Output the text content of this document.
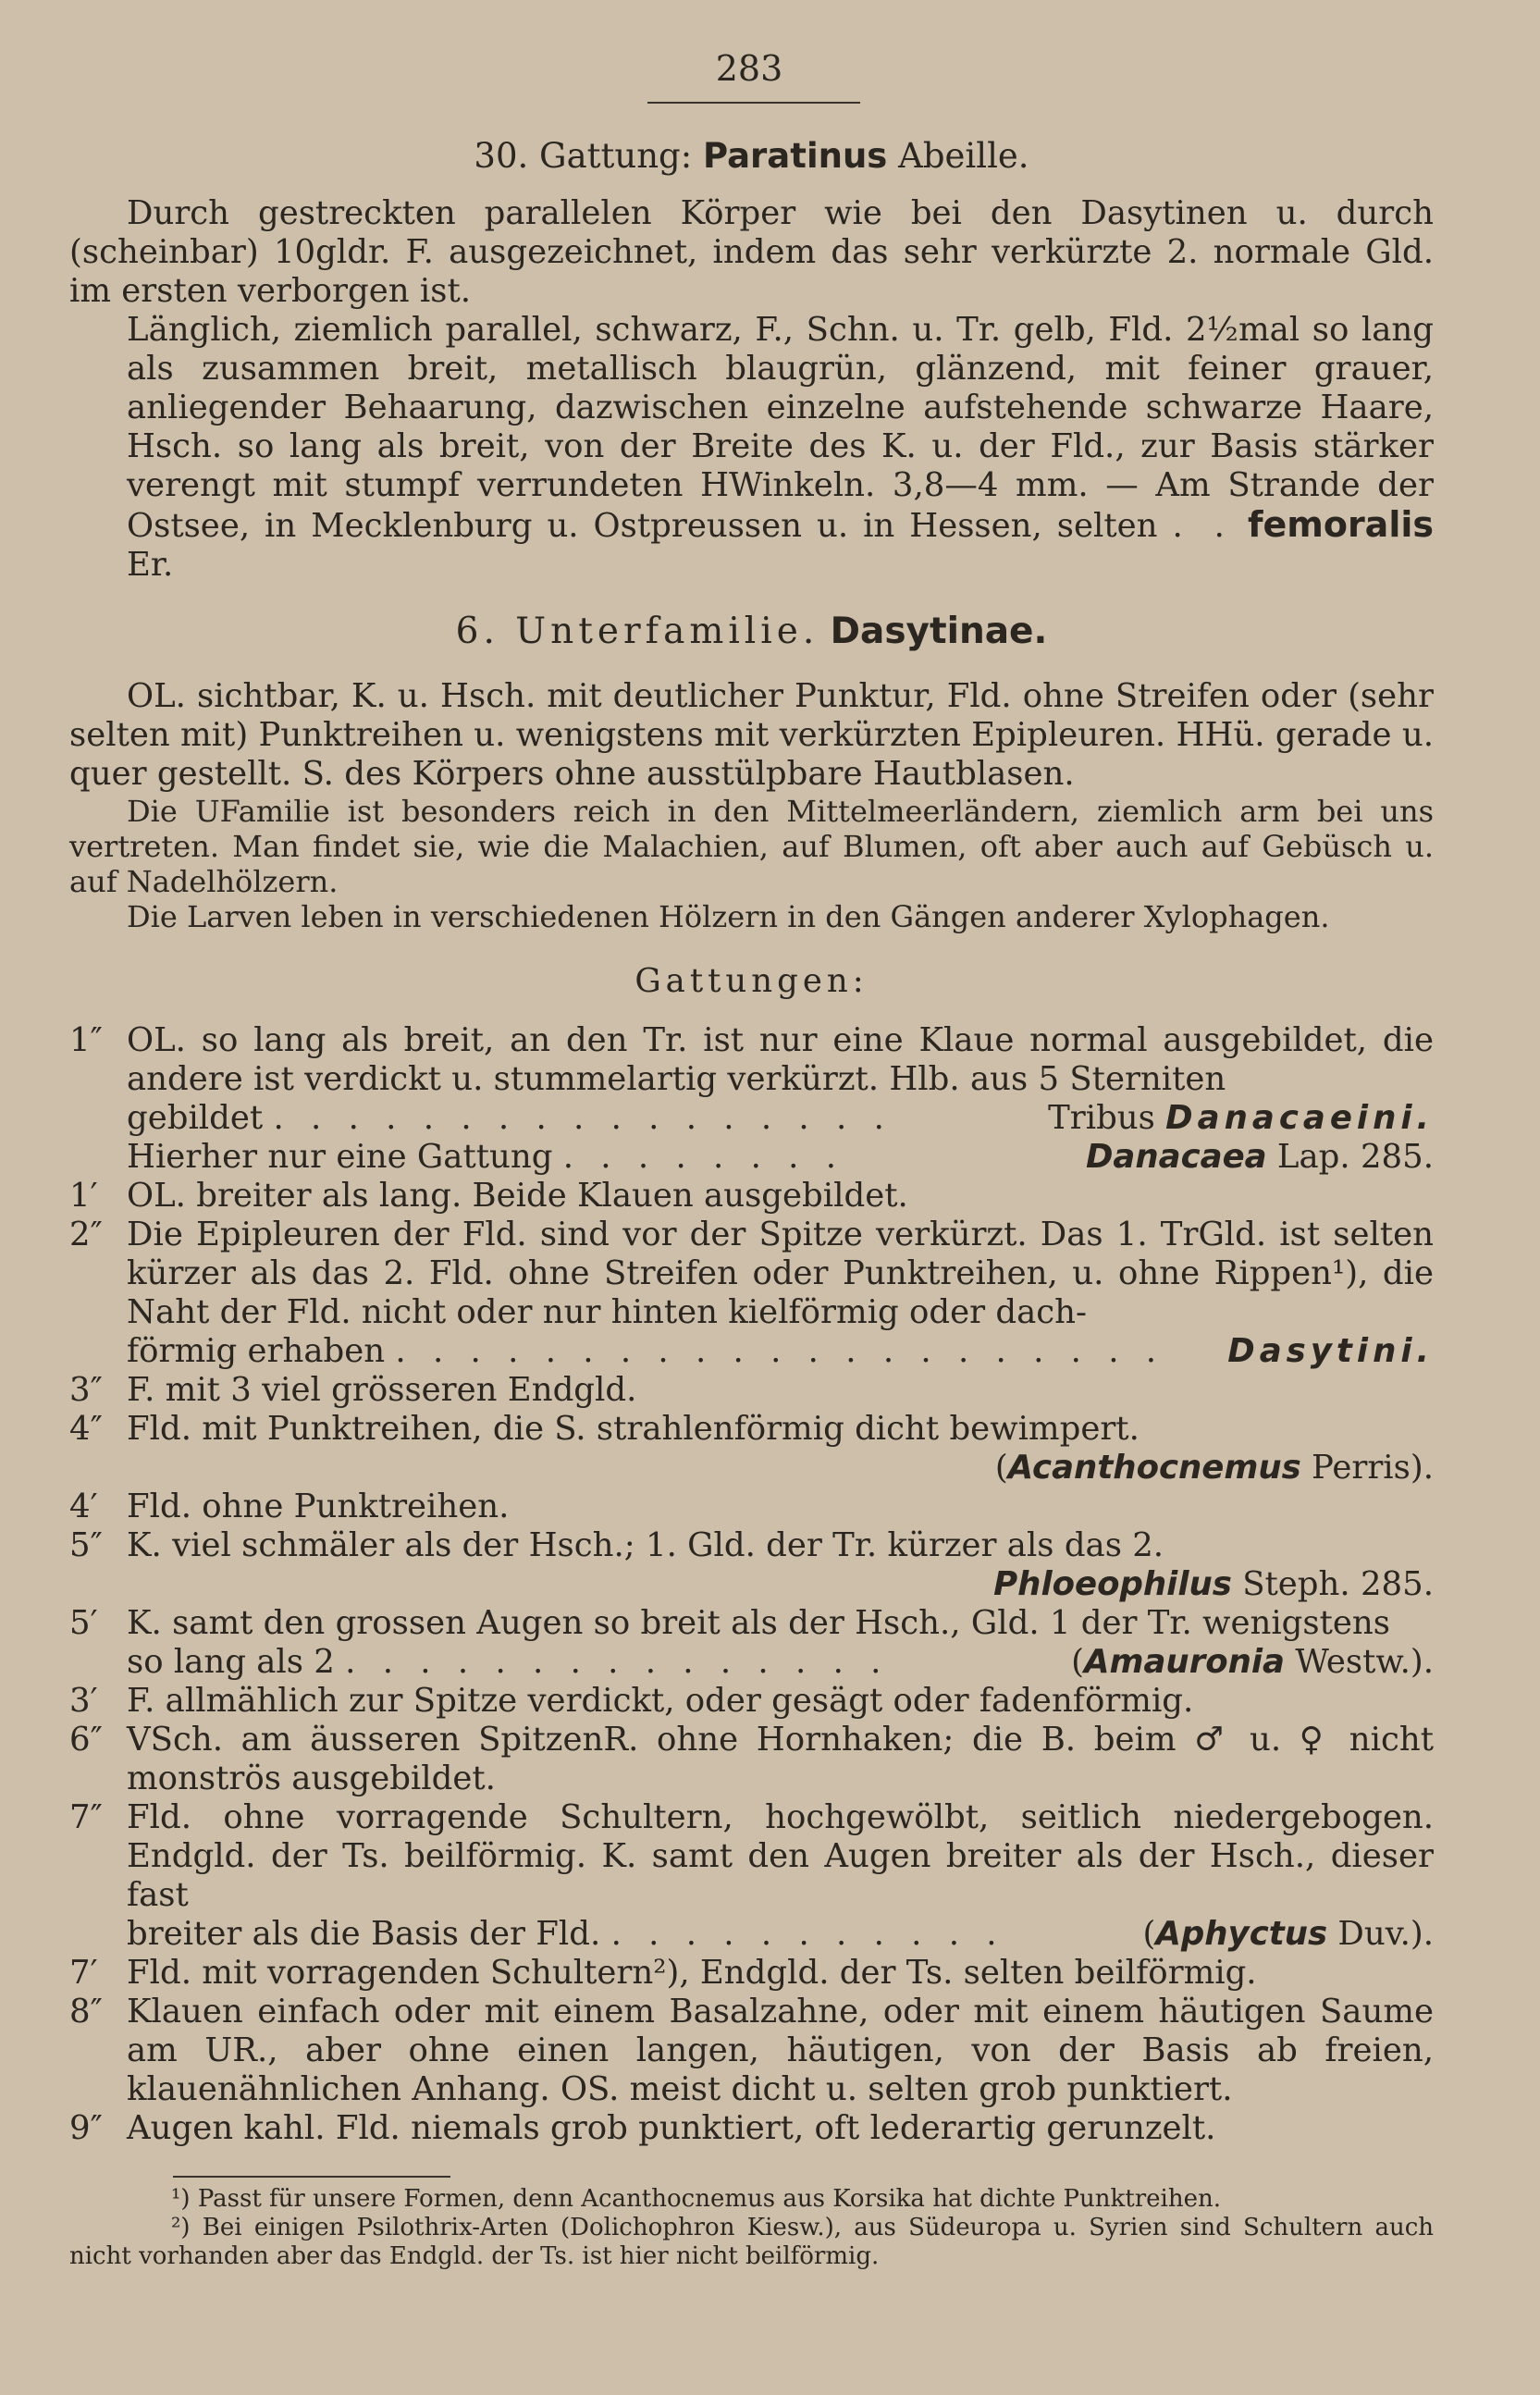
283

30. Gattung: Paratinus Abeille.

Durch gestreckten parallelen Körper wie bei den Dasytinen u. durch (scheinbar) 10gldr. F. ausgezeichnet, indem das sehr verkürzte 2. normale Gld. im ersten verborgen ist.

Länglich, ziemlich parallel, schwarz, F., Schn. u. Tr. gelb, Fld. 2½mal so lang als zusammen breit, metallisch blaugrün, glänzend, mit feiner grauer, anliegender Behaarung, dazwischen einzelne aufstehende schwarze Haare, Hsch. so lang als breit, von der Breite des K. u. der Fld., zur Basis stärker verengt mit stumpf verrundeten HWinkeln. 3,8—4 mm. — Am Strande der Ostsee, in Mecklenburg u. Ostpreussen u. in Hessen, selten . . femoralis Er.

6. Unterfamilie. Dasytinae.

OL. sichtbar, K. u. Hsch. mit deutlicher Punktur, Fld. ohne Streifen oder (sehr selten mit) Punktreihen u. wenigstens mit verkürzten Epipleuren. HHü. gerade u. quer gestellt. S. des Körpers ohne ausstülpbare Hautblasen.

Die UFamilie ist besonders reich in den Mittelmeerländern, ziemlich arm bei uns vertreten. Man findet sie, wie die Malachien, auf Blumen, oft aber auch auf Gebüsch u. auf Nadelhölzern.

Die Larven leben in verschiedenen Hölzern in den Gängen anderer Xylophagen.

Gattungen:

1″ OL. so lang als breit, an den Tr. ist nur eine Klaue normal ausgebildet, die andere ist verdickt u. stummelartig verkürzt. Hlb. aus 5 Sterniten
gebildet . . . . . . . . . . . . . . . . .	Tribus Danacaeini.
Hierher nur eine Gattung . . . . . . . .	Danacaea Lap. 285.
1′ OL. breiter als lang. Beide Klauen ausgebildet.
2″ Die Epipleuren der Fld. sind vor der Spitze verkürzt. Das 1. TrGld. ist selten kürzer als das 2. Fld. ohne Streifen oder Punktreihen, u. ohne Rippen¹), die Naht der Fld. nicht oder nur hinten kielförmig oder dach-
förmig erhaben . . . . . . . . . . . . . . . . . . . . . Dasytini.
3″ F. mit 3 viel grösseren Endgld.
4″ Fld. mit Punktreihen, die S. strahlenförmig dicht bewimpert.
(Acanthocnemus Perris).
4′ Fld. ohne Punktreihen.
5″ K. viel schmäler als der Hsch.; 1. Gld. der Tr. kürzer als das 2.
Phloeophilus Steph. 285.
5′ K. samt den grossen Augen so breit als der Hsch., Gld. 1 der Tr. wenigstens
so lang als 2 . . . . . . . . . . . . . . .	(Amauronia Westw.).
3′ F. allmählich zur Spitze verdickt, oder gesägt oder fadenförmig.
6″ VSch. am äusseren SpitzenR. ohne Hornhaken; die B. beim ♂ u. ♀ nicht monströs ausgebildet.
7″ Fld. ohne vorragende Schultern, hochgewölbt, seitlich niedergebogen. Endgld. der Ts. beilförmig. K. samt den Augen breiter als der Hsch., dieser fast
breiter als die Basis der Fld. . . . . . . . . . . .	(Aphyctus Duv.).
7′ Fld. mit vorragenden Schultern²), Endgld. der Ts. selten beilförmig.
8″ Klauen einfach oder mit einem Basalzahne, oder mit einem häutigen Saume am UR., aber ohne einen langen, häutigen, von der Basis ab freien, klauenähnlichen Anhang. OS. meist dicht u. selten grob punktiert.
9″ Augen kahl. Fld. niemals grob punktiert, oft lederartig gerunzelt.

¹) Passt für unsere Formen, denn Acanthocnemus aus Korsika hat dichte Punktreihen.

²) Bei einigen Psilothrix-Arten (Dolichophron Kiesw.), aus Südeuropa u. Syrien sind Schultern auch nicht vorhanden aber das Endgld. der Ts. ist hier nicht beilförmig.
